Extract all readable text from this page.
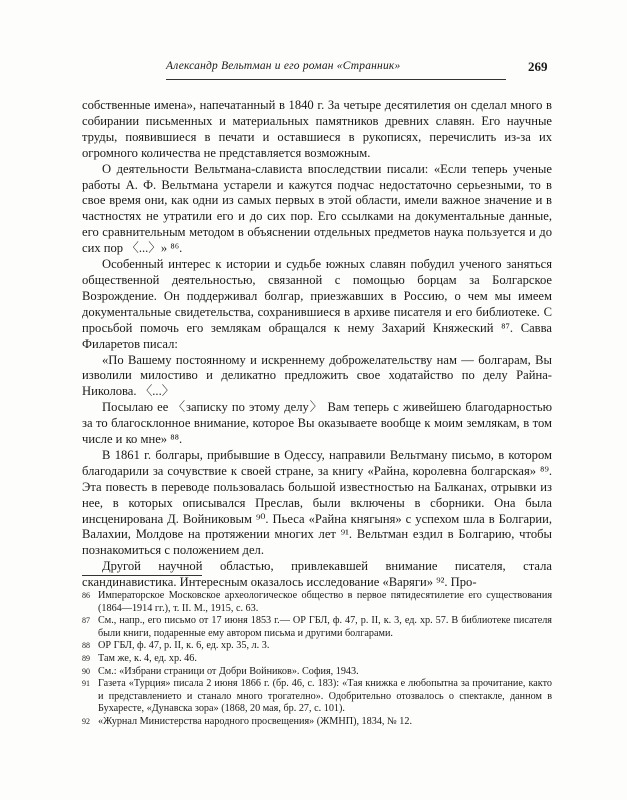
Александр Вельтман и его роман «Странник»	269

собственные имена», напечатанный в 1840 г. За четыре десятилетия он сделал много в собирании письменных и материальных памятников древних славян. Его научные труды, появившиеся в печати и оставшиеся в рукописях, перечислить из-за их огромного количества не представляется возможным.

О деятельности Вельтмана-слависта впоследствии писали: «Если теперь ученые работы А. Ф. Вельтмана устарели и кажутся подчас недостаточно серьезными, то в свое время они, как одни из самых первых в этой области, имели важное значение и в частностях не утратили его и до сих пор. Его ссылками на документальные данные, его сравнительным методом в объяснении отдельных предметов наука пользуется и до сих пор 〈...〉» ⁸⁶.

Особенный интерес к истории и судьбе южных славян побудил ученого заняться общественной деятельностью, связанной с помощью борцам за Болгарское Возрождение. Он поддерживал болгар, приезжавших в Россию, о чем мы имеем документальные свидетельства, сохранившиеся в архиве писателя и его библиотеке. С просьбой помочь его землякам обращался к нему Захарий Княжеский ⁸⁷. Савва Филаретов писал:

«По Вашему постоянному и искреннему доброжелательству нам — болгарам, Вы изволили милостиво и деликатно предложить свое ходатайство по делу Райна-Николова. 〈...〉

Посылаю ее 〈записку по этому делу〉 Вам теперь с живейшею благодарностью за то благосклонное внимание, которое Вы оказываете вообще к моим землякам, в том числе и ко мне» ⁸⁸.

В 1861 г. болгары, прибывшие в Одессу, направили Вельтману письмо, в котором благодарили за сочувствие к своей стране, за книгу «Райна, королевна болгарская» ⁸⁹. Эта повесть в переводе пользовалась большой известностью на Балканах, отрывки из нее, в которых описывался Преслав, были включены в сборники. Она была инсценирована Д. Войниковым ⁹⁰. Пьеса «Райна княгыня» с успехом шла в Болгарии, Валахии, Молдове на протяжении многих лет ⁹¹. Вельтман ездил в Болгарию, чтобы познакомиться с положением дел.

Другой научной областью, привлекавшей внимание писателя, стала скандинавистика. Интересным оказалось исследование «Варяги» ⁹². Про-

86 Императорское Московское археологическое общество в первое пятидесятилетие его существования (1864—1914 гг.), т. II. М., 1915, с. 63.

87 См., напр., его письмо от 17 июня 1853 г.— ОР ГБЛ, ф. 47, р. II, к. 3, ед. хр. 57. В библиотеке писателя были книги, подаренные ему автором письма и другими болгарами.

88 ОР ГБЛ, ф. 47, р. II, к. 6, ед. хр. 35, л. 3.

89 Там же, к. 4, ед. хр. 46.

90 См.: «Избрани страници от Добри Войников». София, 1943.

91 Газета «Турция» писала 2 июня 1866 г. (бр. 46, с. 183): «Тая книжка е любопытна за прочитание, както и представлението и станало много трогателно». Одобрительно отозвалось о спектакле, данном в Бухаресте, «Дунавска зора» (1868, 20 мая, бр. 27, с. 101).

92 «Журнал Министерства народного просвещения» (ЖМНП), 1834, № 12.
